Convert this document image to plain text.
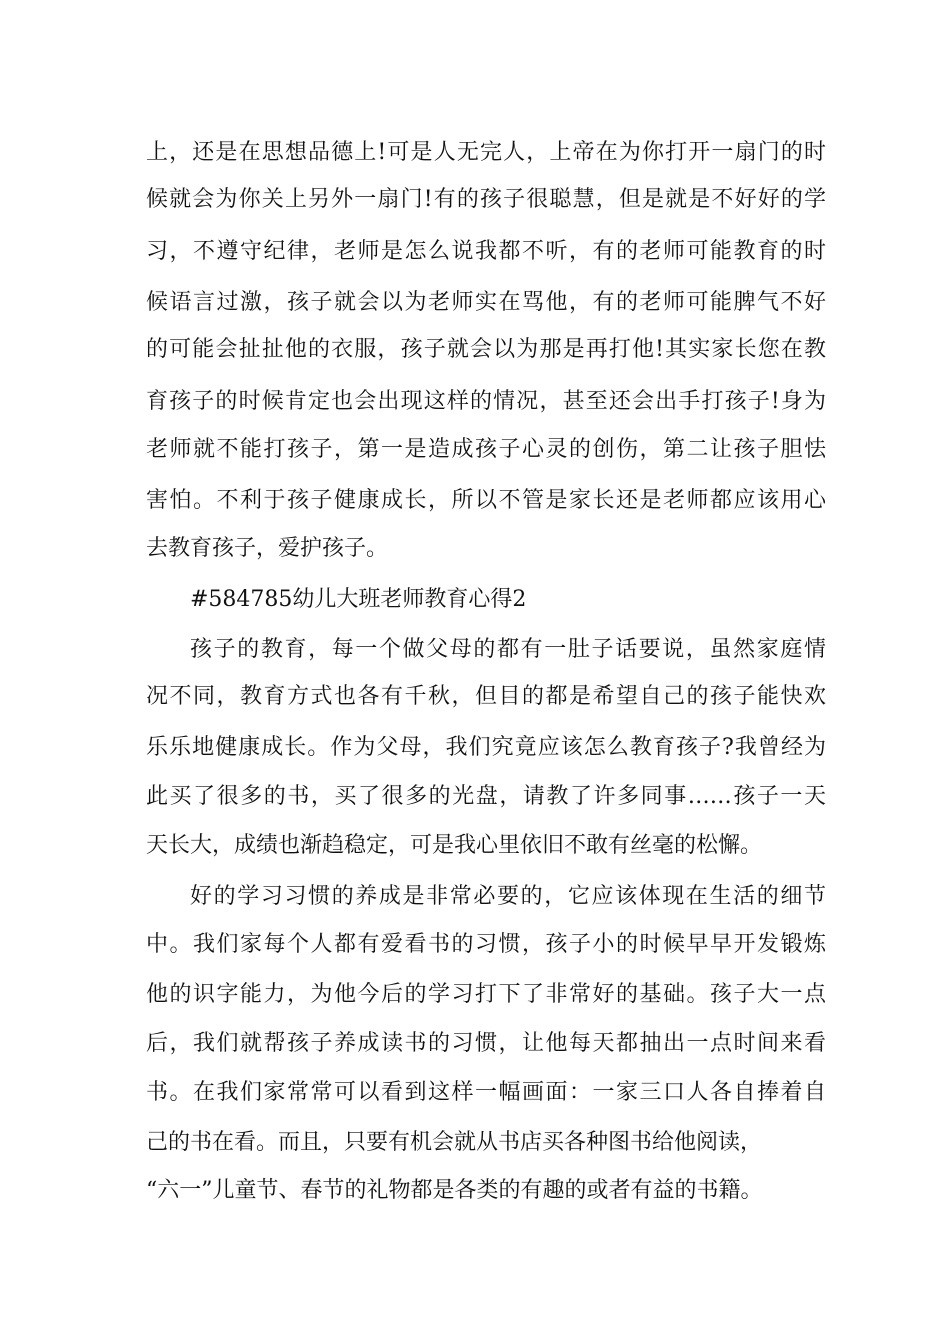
上，还是在思想品德上!可是人无完人，上帝在为你打开一扇门的时
候就会为你关上另外一扇门!有的孩子很聪慧，但是就是不好好的学
习，不遵守纪律，老师是怎么说我都不听，有的老师可能教育的时
候语言过激，孩子就会以为老师实在骂他，有的老师可能脾气不好
的可能会扯扯他的衣服，孩子就会以为那是再打他!其实家长您在教
育孩子的时候肯定也会出现这样的情况，甚至还会出手打孩子!身为
老师就不能打孩子，第一是造成孩子心灵的创伤，第二让孩子胆怯
害怕。不利于孩子健康成长，所以不管是家长还是老师都应该用心
去教育孩子，爱护孩子。
#584785幼儿大班老师教育心得2
孩子的教育，每一个做父母的都有一肚子话要说，虽然家庭情
况不同，教育方式也各有千秋，但目的都是希望自己的孩子能快欢
乐乐地健康成长。作为父母，我们究竟应该怎么教育孩子?我曾经为
此买了很多的书，买了很多的光盘，请教了许多同事……孩子一天
天长大，成绩也渐趋稳定，可是我心里依旧不敢有丝毫的松懈。
好的学习习惯的养成是非常必要的，它应该体现在生活的细节
中。我们家每个人都有爱看书的习惯，孩子小的时候早早开发锻炼
他的识字能力，为他今后的学习打下了非常好的基础。孩子大一点
后，我们就帮孩子养成读书的习惯，让他每天都抽出一点时间来看
书。在我们家常常可以看到这样一幅画面：一家三口人各自捧着自
己的书在看。而且，只要有机会就从书店买各种图书给他阅读，
“六一”儿童节、春节的礼物都是各类的有趣的或者有益的书籍。
